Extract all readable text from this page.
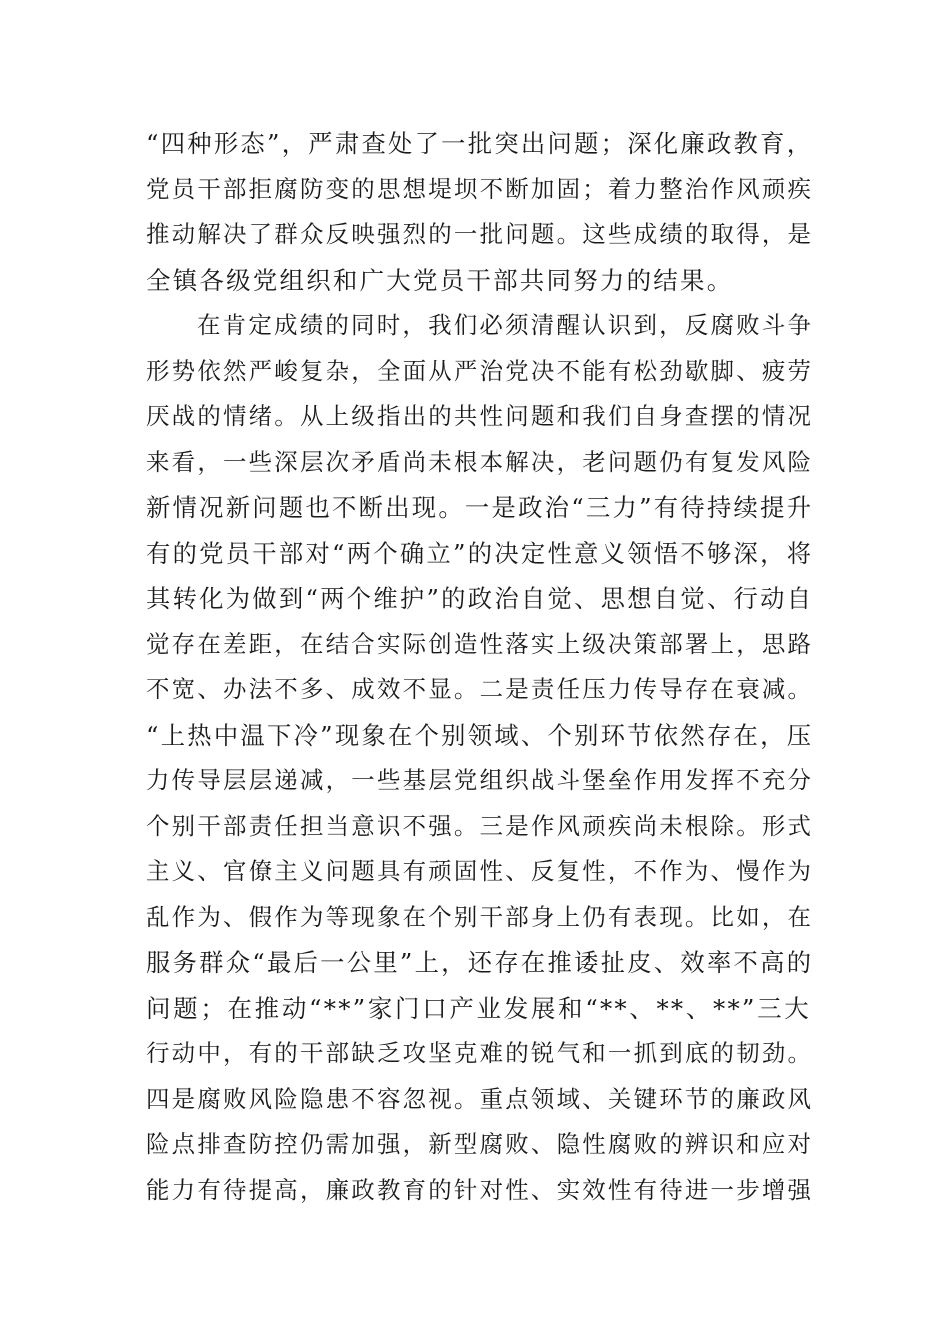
“四种形态”，严肃查处了一批突出问题；深化廉政教育，
党员干部拒腐防变的思想堤坝不断加固；着力整治作风顽疾
推动解决了群众反映强烈的一批问题。这些成绩的取得，是
全镇各级党组织和广大党员干部共同努力的结果。
在肯定成绩的同时，我们必须清醒认识到，反腐败斗争
形势依然严峻复杂，全面从严治党决不能有松劲歇脚、疲劳
厌战的情绪。从上级指出的共性问题和我们自身查摆的情况
来看，一些深层次矛盾尚未根本解决，老问题仍有复发风险
新情况新问题也不断出现。一是政治“三力”有待持续提升
有的党员干部对“两个确立”的决定性意义领悟不够深，将
其转化为做到“两个维护”的政治自觉、思想自觉、行动自
觉存在差距，在结合实际创造性落实上级决策部署上，思路
不宽、办法不多、成效不显。二是责任压力传导存在衰减。
“上热中温下冷”现象在个别领域、个别环节依然存在，压
力传导层层递减，一些基层党组织战斗堡垒作用发挥不充分
个别干部责任担当意识不强。三是作风顽疾尚未根除。形式
主义、官僚主义问题具有顽固性、反复性，不作为、慢作为
乱作为、假作为等现象在个别干部身上仍有表现。比如，在
服务群众“最后一公里”上，还存在推诿扯皮、效率不高的
问题；在推动“**”家门口产业发展和“**、**、**”三大
行动中，有的干部缺乏攻坚克难的锐气和一抓到底的韧劲。
四是腐败风险隐患不容忽视。重点领域、关键环节的廉政风
险点排查防控仍需加强，新型腐败、隐性腐败的辨识和应对
能力有待提高，廉政教育的针对性、实效性有待进一步增强
